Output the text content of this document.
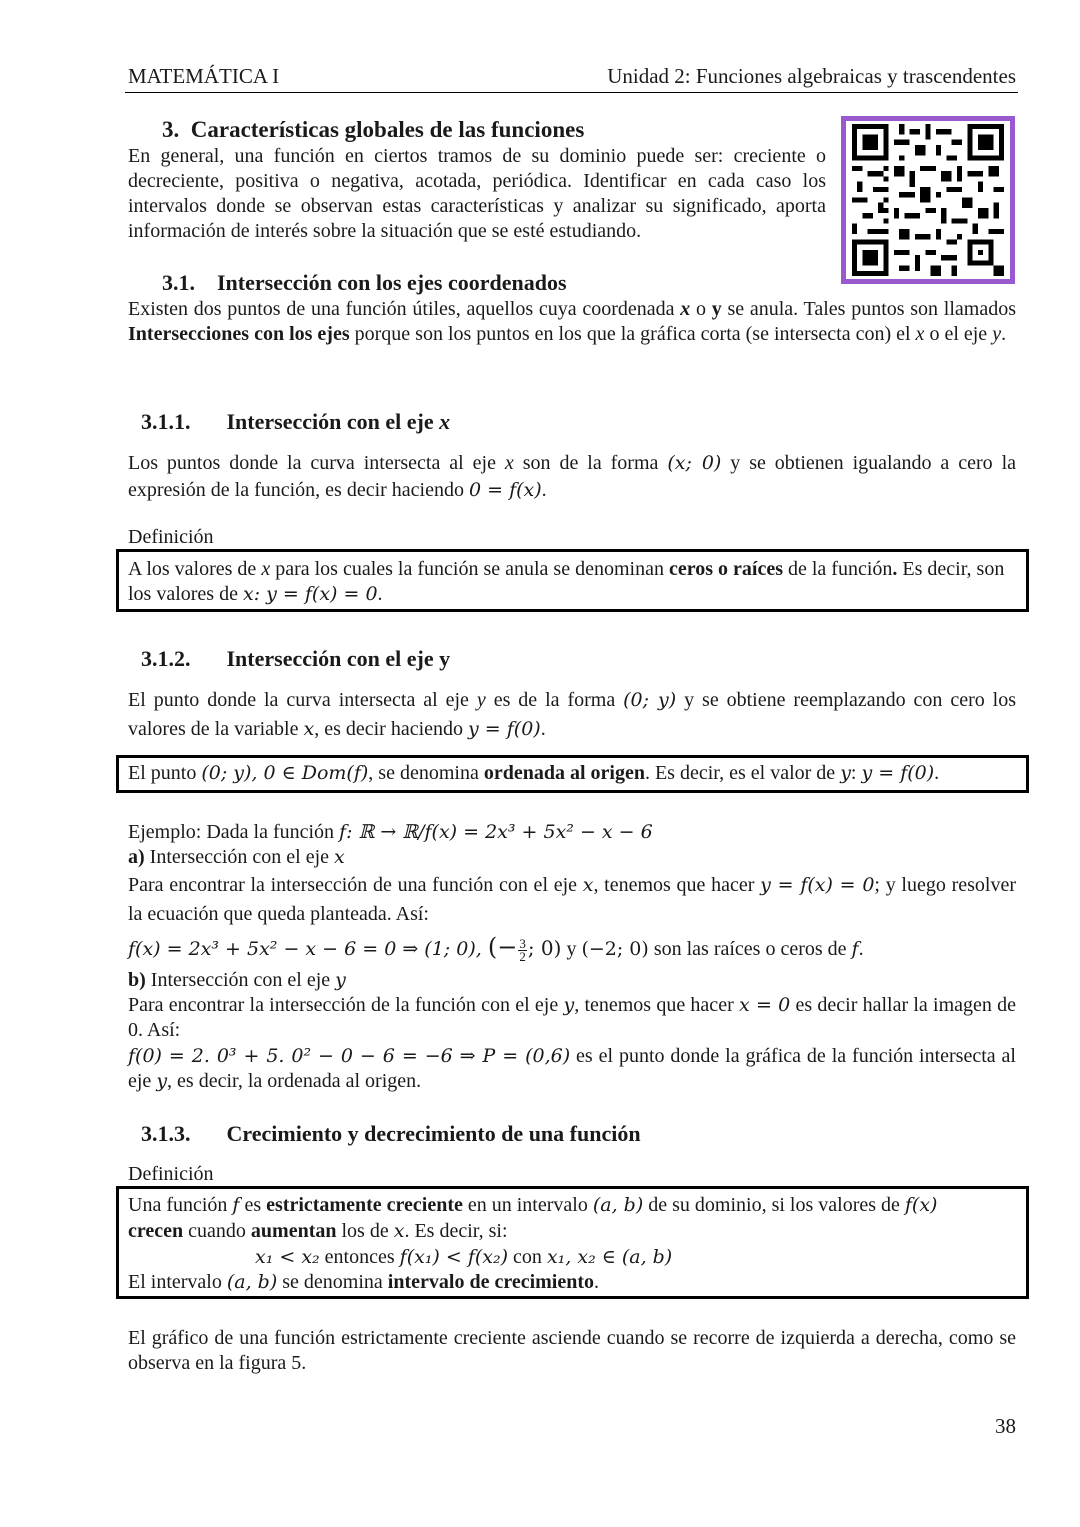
MATEMÁTICA I	Unidad 2: Funciones algebraicas y trascendentes
3. Características globales de las funciones
En general, una función en ciertos tramos de su dominio puede ser: creciente o decreciente, positiva o negativa, acotada, periódica. Identificar en cada caso los intervalos donde se observan estas características y analizar su significado, aporta información de interés sobre la situación que se esté estudiando.
3.1. Intersección con los ejes coordenados
Existen dos puntos de una función útiles, aquellos cuya coordenada x o y se anula. Tales puntos son llamados Intersecciones con los ejes porque son los puntos en los que la gráfica corta (se intersecta con) el x o el eje y.
3.1.1. Intersección con el eje x
Los puntos donde la curva intersecta al eje x son de la forma (x; 0) y se obtienen igualando a cero la expresión de la función, es decir haciendo 0 = f(x).
Definición
A los valores de x para los cuales la función se anula se denominan ceros o raíces de la función. Es decir, son los valores de x: y = f(x) = 0.
3.1.2. Intersección con el eje y
El punto donde la curva intersecta al eje y es de la forma (0; y) y se obtiene reemplazando con cero los valores de la variable x, es decir haciendo y = f(0).
El punto (0; y), 0 ∈ Dom(f), se denomina ordenada al origen. Es decir, es el valor de y: y = f(0).
Ejemplo: Dada la función f: ℝ → ℝ/f(x) = 2x³ + 5x² − x − 6
a) Intersección con el eje x
Para encontrar la intersección de una función con el eje x, tenemos que hacer y = f(x) = 0; y luego resolver la ecuación que queda planteada. Así:
f(x) = 2x³ + 5x² − x − 6 = 0 ⇒ (1; 0), (− $\frac{3}{2}$ ; 0) y (−2; 0) son las raíces o ceros de f.
b) Intersección con el eje y
Para encontrar la intersección de la función con el eje y, tenemos que hacer x = 0 es decir hallar la imagen de 0. Así:
f(0) = 2. 0³ + 5. 0² − 0 − 6 = −6 ⇒ P = (0,6) es el punto donde la gráfica de la función intersecta al eje y, es decir, la ordenada al origen.
3.1.3. Crecimiento y decrecimiento de una función
Definición
Una función f es estrictamente creciente en un intervalo (a, b) de su dominio, si los valores de f(x)
crecen cuando aumentan los de x. Es decir, si:
x₁ < x₂ entonces f(x₁) < f(x₂) con x₁, x₂ ∈ (a, b)
El intervalo (a, b) se denomina intervalo de crecimiento.
El gráfico de una función estrictamente creciente asciende cuando se recorre de izquierda a derecha, como se observa en la figura 5.
38
